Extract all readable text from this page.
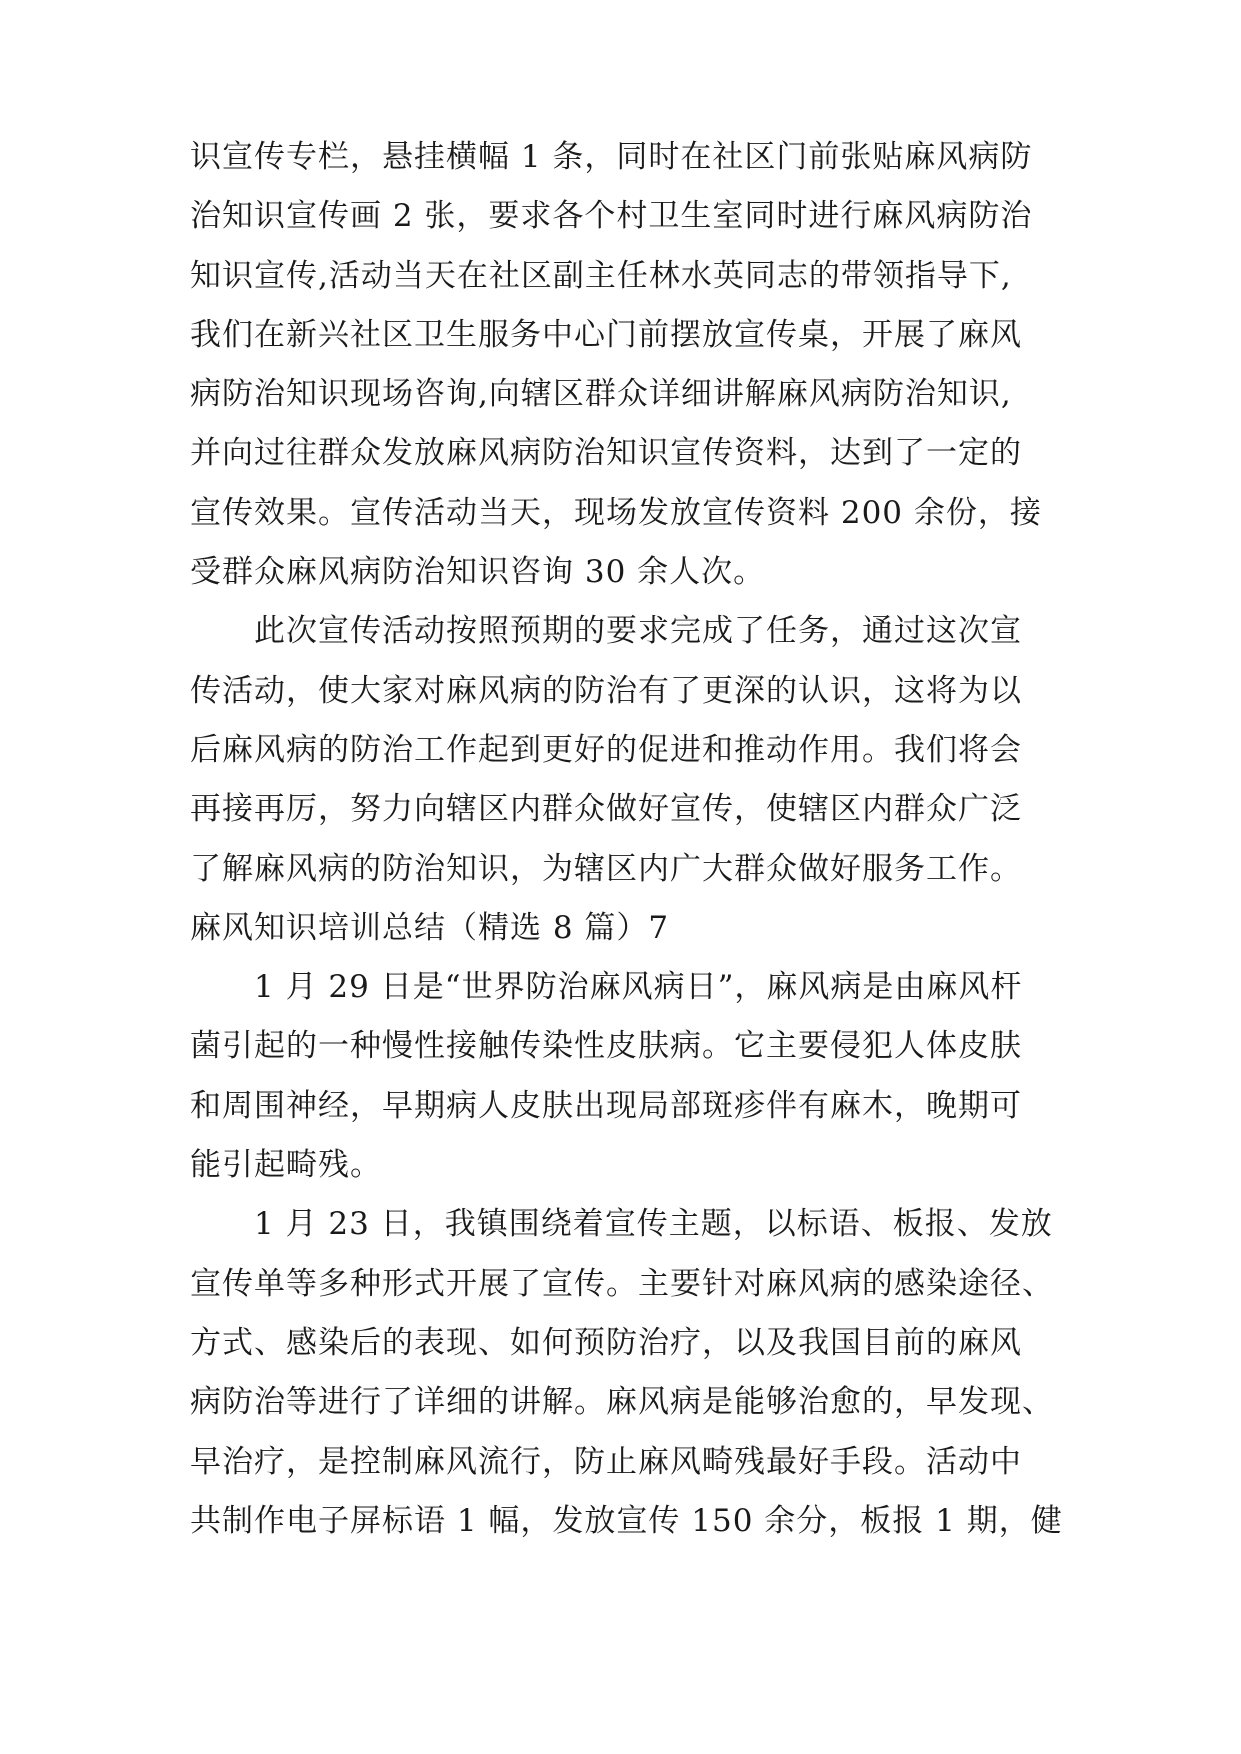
识宣传专栏，悬挂横幅 1 条，同时在社区门前张贴麻风病防
治知识宣传画 2 张，要求各个村卫生室同时进行麻风病防治
知识宣传,活动当天在社区副主任林水英同志的带领指导下,
我们在新兴社区卫生服务中心门前摆放宣传桌，开展了麻风
病防治知识现场咨询,向辖区群众详细讲解麻风病防治知识,
并向过往群众发放麻风病防治知识宣传资料，达到了一定的
宣传效果。宣传活动当天，现场发放宣传资料 200 余份，接
受群众麻风病防治知识咨询 30 余人次。
此次宣传活动按照预期的要求完成了任务，通过这次宣
传活动，使大家对麻风病的防治有了更深的认识，这将为以
后麻风病的防治工作起到更好的促进和推动作用。我们将会
再接再厉，努力向辖区内群众做好宣传，使辖区内群众广泛
了解麻风病的防治知识，为辖区内广大群众做好服务工作。
麻风知识培训总结（精选 8 篇）7
1 月 29 日是“世界防治麻风病日”，麻风病是由麻风杆
菌引起的一种慢性接触传染性皮肤病。它主要侵犯人体皮肤
和周围神经，早期病人皮肤出现局部斑疹伴有麻木，晚期可
能引起畸残。
1 月 23 日，我镇围绕着宣传主题，以标语、板报、发放
宣传单等多种形式开展了宣传。主要针对麻风病的感染途径、
方式、感染后的表现、如何预防治疗，以及我国目前的麻风
病防治等进行了详细的讲解。麻风病是能够治愈的，早发现、
早治疗，是控制麻风流行，防止麻风畸残最好手段。活动中
共制作电子屏标语 1 幅，发放宣传 150 余分，板报 1 期，健
